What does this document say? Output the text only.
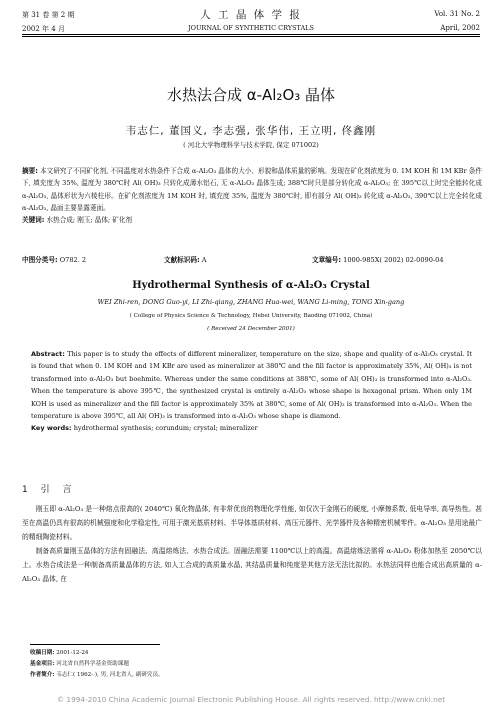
第 31 卷 第 2 期
2002 年 4 月
人 工 晶 体 学 报
JOURNAL OF SYNTHETIC CRYSTALS
Vol. 31 No. 2
April, 2002
水热法合成 α-Al₂O₃ 晶体
韦志仁, 董国义, 李志强, 张华伟, 王立明, 佟鑫刚
( 河北大学物理科学与技术学院, 保定 071002)
摘要: 本文研究了不同矿化剂, 不同温度对水热条件下合成 α-Al₂O₃ 晶体的大小、形貌和晶体质量的影响。发现在矿化剂浓度为 0. 1M KOH 和 1M KBr 条件下, 填充度为 35%, 温度为 380℃时 Al( OH)₃ 只转化成薄水铝石, 无 α-Al₂O₃ 晶体生成; 388℃时只是部分转化成 α-Al₂O₃; 在 395℃以上时完全能转化成 α-Al₂O₃, 晶体形状为六棱柱形。在矿化剂浓度为 1M KOH 时, 填充度 35%, 温度为 380℃时, 即有部分 Al( OH)₃ 转化成 α-Al₂O₃, 390℃以上完全转化成 α-Al₂O₃, 晶面主要显露菱面。
关键词: 水热合成; 刚玉; 晶体; 矿化剂
中图分类号: O782. 2	文献标识码: A	文章编号: 1000-985X( 2002) 02-0090-04
Hydrothermal Synthesis of α-Al₂O₃ Crystal
WEI Zhi-ren, DONG Guo-yi, LI Zhi-qiang, ZHANG Hua-wei, WANG Li-ming, TONG Xin-gang
( College of Physics Science & Technology, Hebei University, Baoding 071002, China)
( Received 24 December 2001)
Abstract: This paper is to study the effects of different mineralizer, temperature on the size, shape and quality of α-Al₂O₃ crystal. It is found that when 0. 1M KOH and 1M KBr are used as mineralizer at 380℃ and the fill factor is approximately 35%, Al( OH)₃ is not transformed into α-Al₂O₃ but boehmite. Whereas under the same conditions at 388℃, some of Al( OH)₃ is transformed into α-Al₂O₃. When the temperature is above 395℃, the synthesized crystal is entirely α-Al₂O₃ whose shape is hexagonal prism. When only 1M KOH is used as mineralizer and the fill factor is approximately 35% at 380℃, some of Al( OH)₃ is transformed into α-Al₂O₃. When the temperature is above 395℃, all Al( OH)₃ is transformed into α-Al₂O₃ whose shape is diamond.
Key words: hydrothermal synthesis; corundum; crystal; mineralizer
1 引 言

刚玉即 α-Al₂O₃ 是一种熔点很高的( 2040℃) 氧化物晶体, 有非常优良的物理化学性能, 如仅次于金刚石的硬度, 小摩擦系数, 低电导率, 高导热性。甚至在高温仍具有很高的机械强度和化学稳定性, 可用于激光基质材料、半导体基质材料、高压元器件、光学器件及各种精密机械零件。α-Al₂O₃ 是用途最广的精细陶瓷材料。

制备高质量刚玉晶体的方法有固融法、高温熔炼法、水热合成法。固融法需要 1100℃以上的高温。高温熔炼法需将 α-Al₂O₃ 粉体加热至 2050℃以上。水热合成法是一种制备高质量晶体的方法, 如人工合成的高质量水晶, 其结晶质量和纯度是其他方法无法比拟的。水热法同样也能合成出高质量的 α-Al₂O₃ 晶体, 在

收稿日期: 2001-12-24
基金项目: 河北省自然科学基金资助课题
作者简介: 韦志仁( 1962- ), 男, 河北省人, 副研究员。
© 1994-2010 China Academic Journal Electronic Publishing House. All rights reserved. http://www.cnki.net
